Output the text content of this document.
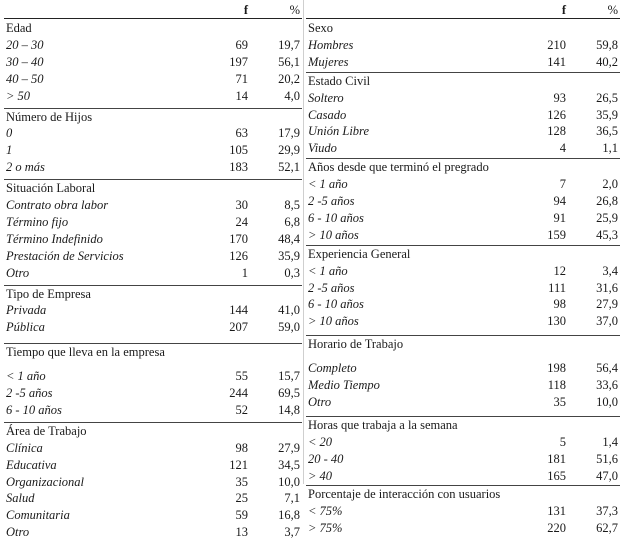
f	%
Edad
20 – 30	69 19,7
30 – 40	197 56,1
40 – 50	71 20,2
> 50	14	4,0
Número de Hijos
0	63 17,9
1	105 29,9
2 o más	183 52,1
Situación Laboral
Contrato obra labor	30	8,5
Término fijo	24	6,8
Término Indefinido	170 48,4
Prestación de Servicios	126 35,9
Otro	1	0,3
Tipo de Empresa
Privada	144 41,0
Pública	207 59,0
Tiempo que lleva en la empresa
< 1 año	55 15,7
2 -5 años	244 69,5
6 - 10 años	52 14,8
Área de Trabajo
Clínica	98 27,9
Educativa	121 34,5
Organizacional	35 10,0
Salud	25	7,1
Comunitaria	59 16,8
Otro	13	3,7
f	%
Sexo
Hombres	210 59,8
Mujeres	141 40,2
Estado Civil
Soltero	93 26,5
Casado	126 35,9
Unión Libre	128 36,5
Viudo	4	1,1
Años desde que terminó el pregrado
< 1 año	7	2,0
2 -5 años	94 26,8
6 - 10 años	91 25,9
> 10 años	159 45,3
Experiencia General
< 1 año	12	3,4
2 -5 años	111 31,6
6 - 10 años	98 27,9
> 10 años	130 37,0
Horario de Trabajo
Completo	198 56,4
Medio Tiempo	118 33,6
Otro	35 10,0
Horas que trabaja a la semana
< 20	5	1,4
20 - 40	181 51,6
> 40	165 47,0
Porcentaje de interacción con usuarios
< 75%	131 37,3
> 75%	220 62,7
